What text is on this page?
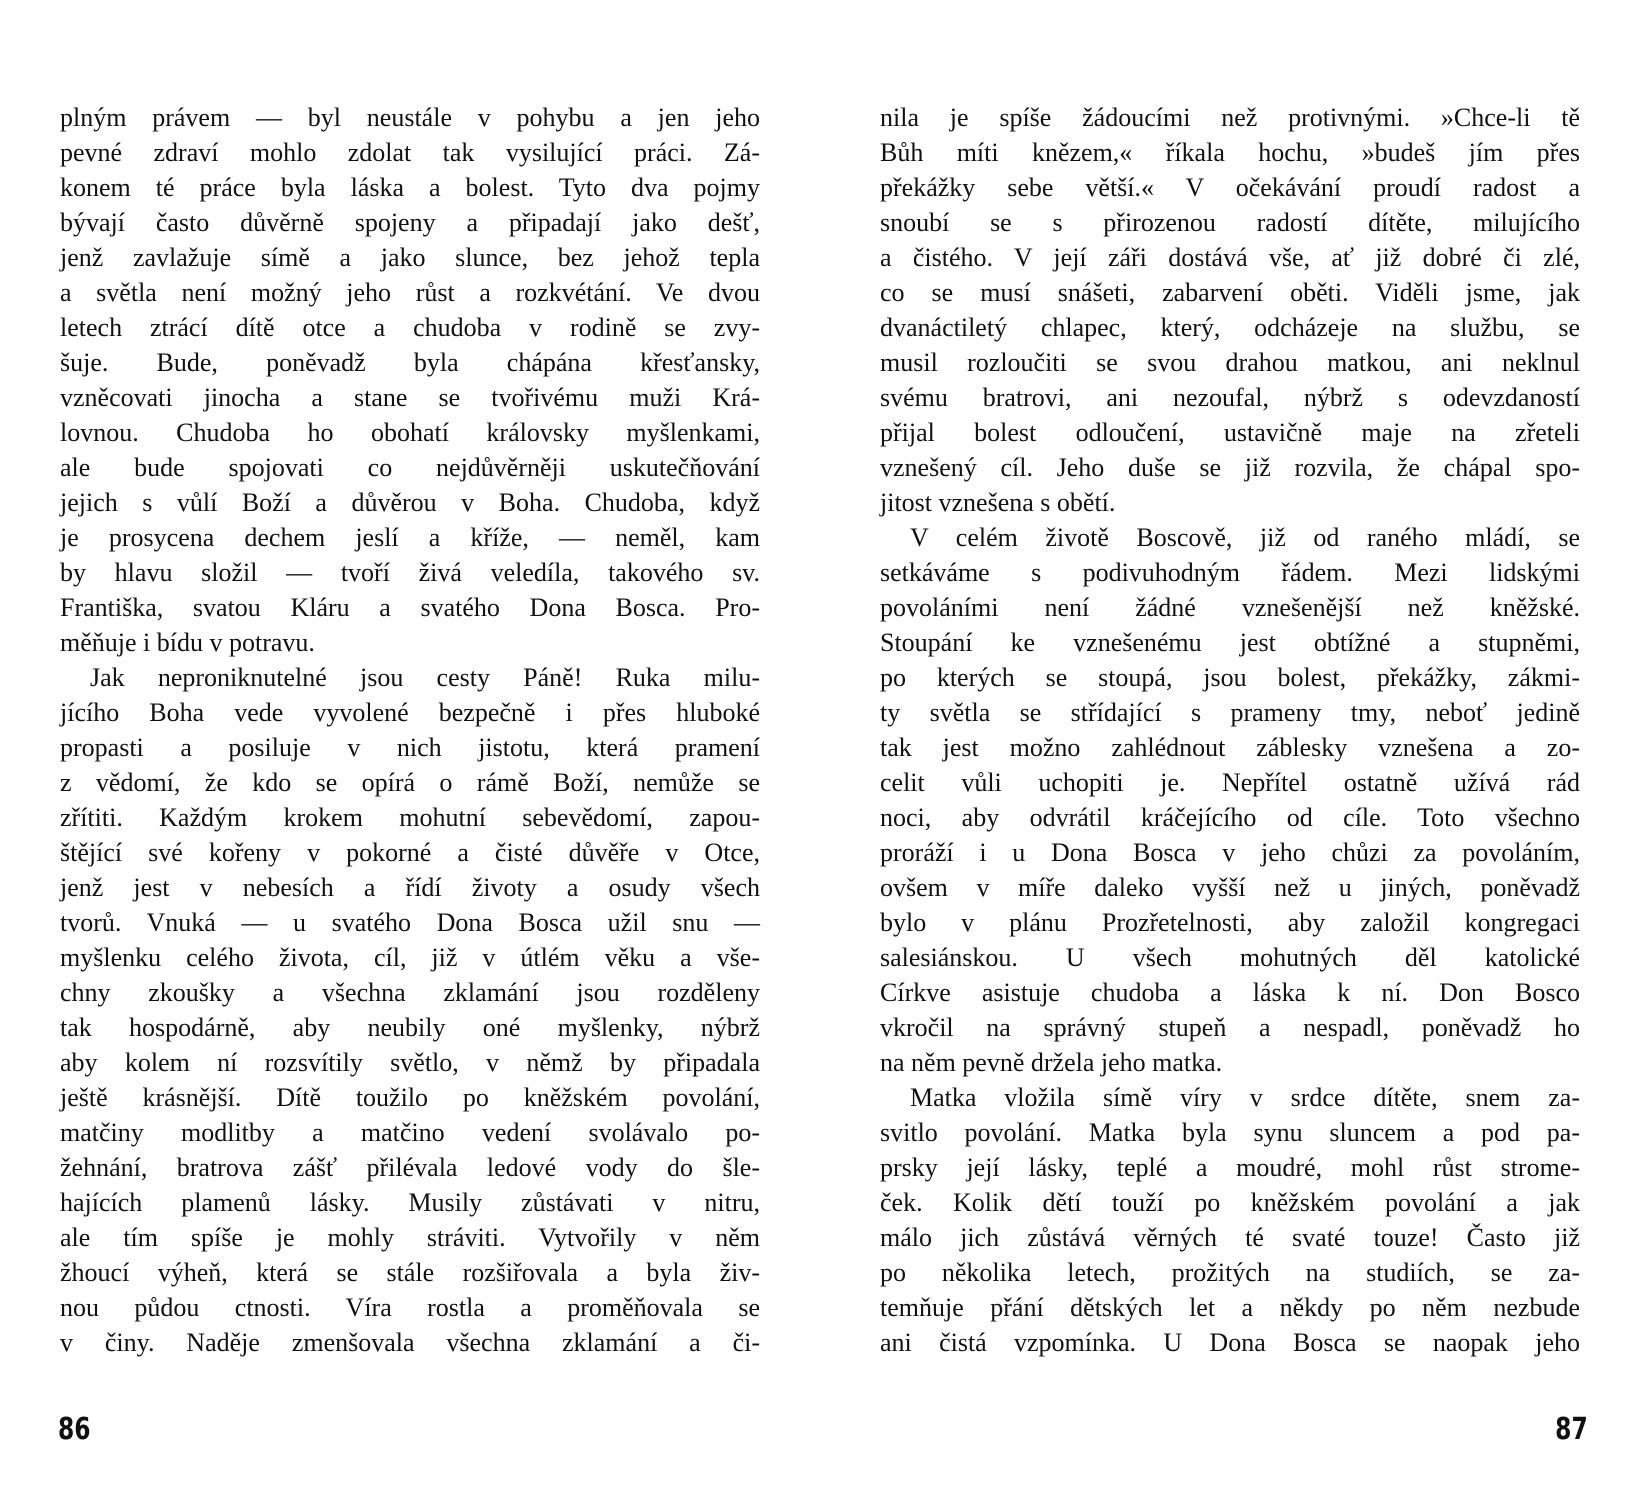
plným právem — byl neustále v pohybu a jen jeho
pevné zdraví mohlo zdolat tak vysilující práci. Zá-
konem té práce byla láska a bolest. Tyto dva pojmy
bývají často důvěrně spojeny a připadají jako dešť,
jenž zavlažuje símě a jako slunce, bez jehož tepla
a světla není možný jeho růst a rozkvétání. Ve dvou
letech ztrácí dítě otce a chudoba v rodině se zvy-
šuje. Bude, poněvadž byla chápána křesťansky,
vzněcovati jinocha a stane se tvořivému muži Krá-
lovnou. Chudoba ho obohatí královsky myšlenkami,
ale bude spojovati co nejdůvěrněji uskutečňování
jejich s vůlí Boží a důvěrou v Boha. Chudoba, když
je prosycena dechem jeslí a kříže, — neměl, kam
by hlavu složil — tvoří živá veledíla, takového sv.
Františka, svatou Kláru a svatého Dona Bosca. Pro-
měňuje i bídu v potravu.
Jak neproniknutelné jsou cesty Páně! Ruka milu-
jícího Boha vede vyvolené bezpečně i přes hluboké
propasti a posiluje v nich jistotu, která pramení
z vědomí, že kdo se opírá o rámě Boží, nemůže se
zřítiti. Každým krokem mohutní sebevědomí, zapou-
štějící své kořeny v pokorné a čisté důvěře v Otce,
jenž jest v nebesích a řídí životy a osudy všech
tvorů. Vnuká — u svatého Dona Bosca užil snu —
myšlenku celého života, cíl, již v útlém věku a vše-
chny zkoušky a všechna zklamání jsou rozděleny
tak hospodárně, aby neubily oné myšlenky, nýbrž
aby kolem ní rozsvítily světlo, v němž by připadala
ještě krásnější. Dítě toužilo po kněžském povolání,
matčiny modlitby a matčino vedení svolávalo po-
žehnání, bratrova zášť přilévala ledové vody do šle-
hajících plamenů lásky. Musily zůstávati v nitru,
ale tím spíše je mohly stráviti. Vytvořily v něm
žhoucí výheň, která se stále rozšiřovala a byla živ-
nou půdou ctnosti. Víra rostla a proměňovala se
v činy. Naděje zmenšovala všechna zklamání a či-
nila je spíše žádoucími než protivnými. »Chce-li tě
Bůh míti knězem,« říkala hochu, »budeš jím přes
překážky sebe větší.« V očekávání proudí radost a
snoubí se s přirozenou radostí dítěte, milujícího
a čistého. V její záři dostává vše, ať již dobré či zlé,
co se musí snášeti, zabarvení oběti. Viděli jsme, jak
dvanáctiletý chlapec, který, odcházeje na službu, se
musil rozloučiti se svou drahou matkou, ani neklnul
svému bratrovi, ani nezoufal, nýbrž s odevzdaností
přijal bolest odloučení, ustavičně maje na zřeteli
vznešený cíl. Jeho duše se již rozvila, že chápal spo-
jitost vznešena s obětí.
V celém životě Boscově, již od raného mládí, se
setkáváme s podivuhodným řádem. Mezi lidskými
povoláními není žádné vznešenější než kněžské.
Stoupání ke vznešenému jest obtížné a stupněmi,
po kterých se stoupá, jsou bolest, překážky, zákmi-
ty světla se střídající s prameny tmy, neboť jedině
tak jest možno zahlédnout záblesky vznešena a zo-
celit vůli uchopiti je. Nepřítel ostatně užívá rád
noci, aby odvrátil kráčejícího od cíle. Toto všechno
proráží i u Dona Bosca v jeho chůzi za povoláním,
ovšem v míře daleko vyšší než u jiných, poněvadž
bylo v plánu Prozřetelnosti, aby založil kongregaci
salesiánskou. U všech mohutných děl katolické
Církve asistuje chudoba a láska k ní. Don Bosco
vkročil na správný stupeň a nespadl, poněvadž ho
na něm pevně držela jeho matka.
Matka vložila símě víry v srdce dítěte, snem za-
svitlo povolání. Matka byla synu sluncem a pod pa-
prsky její lásky, teplé a moudré, mohl růst strome-
ček. Kolik dětí touží po kněžském povolání a jak
málo jich zůstává věrných té svaté touze! Často již
po několika letech, prožitých na studiích, se za-
temňuje přání dětských let a někdy po něm nezbude
ani čistá vzpomínka. U Dona Bosca se naopak jeho
86	87
